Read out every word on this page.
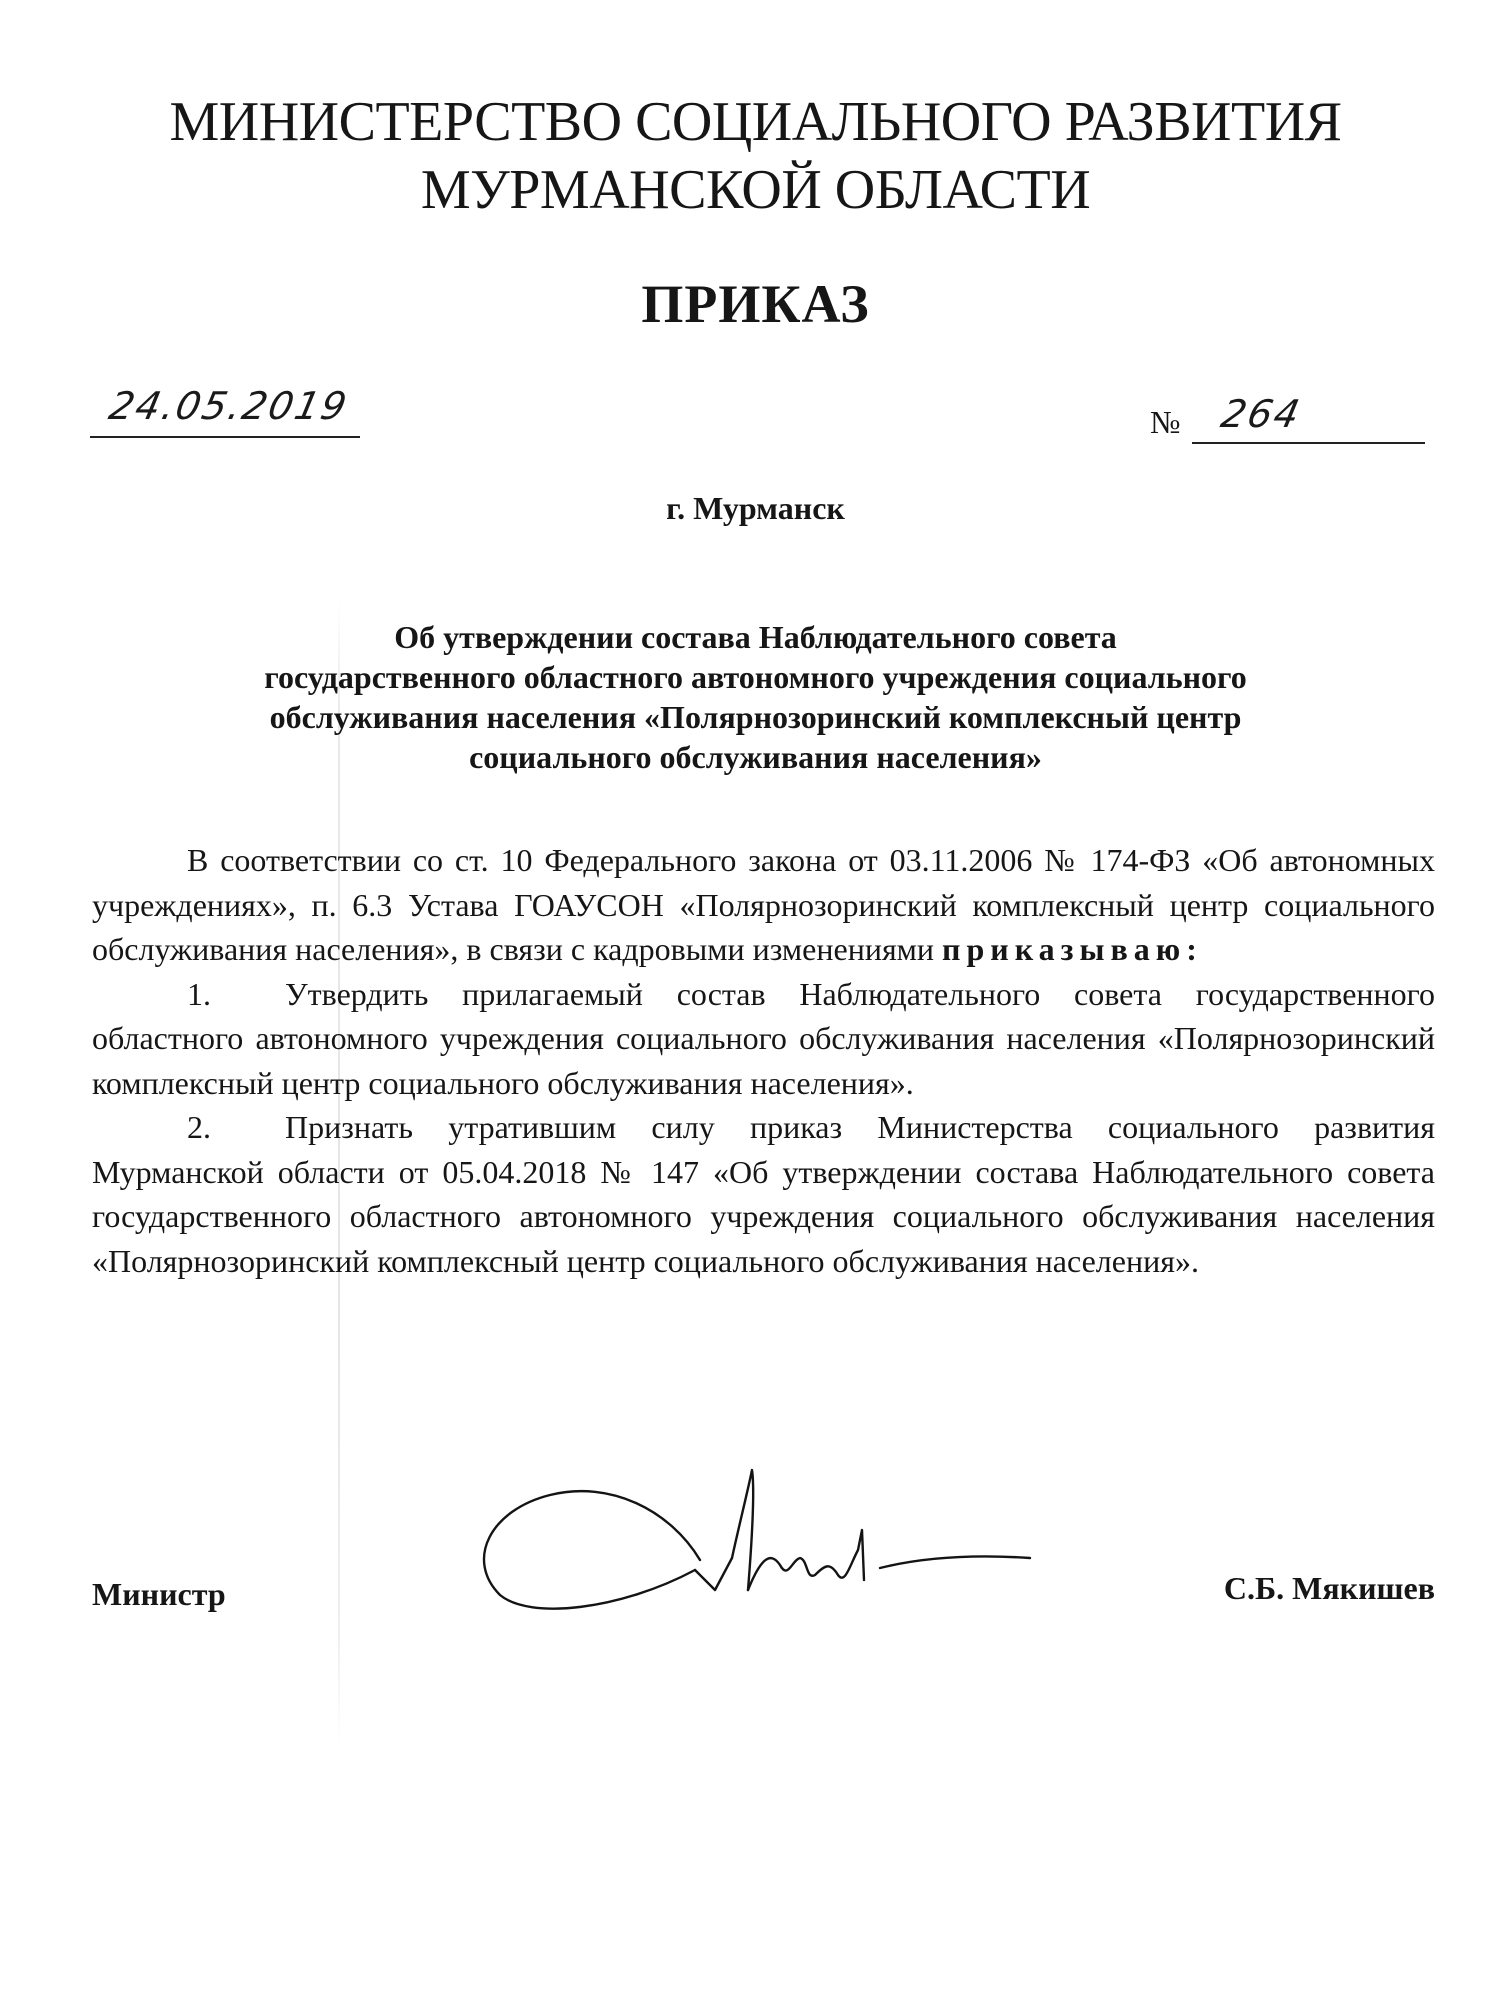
МИНИСТЕРСТВО СОЦИАЛЬНОГО РАЗВИТИЯ
МУРМАНСКОЙ ОБЛАСТИ
ПРИКАЗ
24.05.2019	№ 264
г. Мурманск
Об утверждении состава Наблюдательного совета
государственного областного автономного учреждения социального
обслуживания населения «Полярнозоринский комплексный центр
социального обслуживания населения»
В соответствии со ст. 10 Федерального закона от 03.11.2006 № 174-ФЗ «Об автономных учреждениях», п. 6.3 Устава ГОАУСОН «Полярнозоринский комплексный центр социального обслуживания населения», в связи с кадровыми изменениями приказываю:
1. Утвердить прилагаемый состав Наблюдательного совета государственного областного автономного учреждения социального обслуживания населения «Полярнозоринский комплексный центр социального обслуживания населения».
2. Признать утратившим силу приказ Министерства социального развития Мурманской области от 05.04.2018 № 147 «Об утверждении состава Наблюдательного совета государственного областного автономного учреждения социального обслуживания населения «Полярнозоринский комплексный центр социального обслуживания населения».
Министр	С.Б. Мякишев
